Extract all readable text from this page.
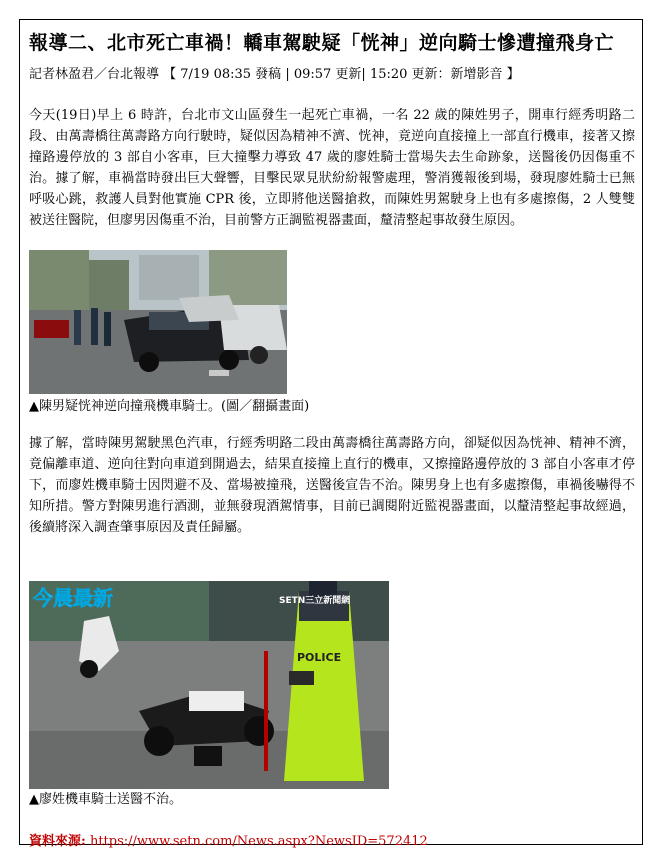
報導二、北市死亡車禍！轎車駕駛疑「恍神」逆向騎士慘遭撞飛身亡
記者林盈君／台北報導 【 7/19 08:35 發稿 | 09:57 更新| 15:20 更新：新增影音 】

今天(19日)早上 6 時許，台北市文山區發生一起死亡車禍，一名 22 歲的陳姓男子，開車行經秀明路二段、由萬壽橋往萬壽路方向行駛時，疑似因為精神不濟、恍神，竟逆向直接撞上一部直行機車，接著又擦撞路邊停放的 3 部自小客車，巨大撞擊力導致 47 歲的廖姓騎士當場失去生命跡象，送醫後仍因傷重不治。據了解，車禍當時發出巨大聲響，目擊民眾見狀紛紛報警處理，警消獲報後到場，發現廖姓騎士已無呼吸心跳，救護人員對他實施 CPR 後，立即將他送醫搶救，而陳姓男駕駛身上也有多處擦傷，2 人雙雙被送往醫院，但廖男因傷重不治，目前警方正調監視器畫面，釐清整起事故發生原因。

▲陳男疑恍神逆向撞飛機車騎士。(圖／翻攝畫面)

據了解，當時陳男駕駛黑色汽車，行經秀明路二段由萬壽橋往萬壽路方向，卻疑似因為恍神、精神不濟，竟偏離車道、逆向往對向車道到開過去，結果直接撞上直行的機車，又擦撞路邊停放的 3 部自小客車才停下，而廖姓機車騎士因閃避不及、當場被撞飛，送醫後宣告不治。陳男身上也有多處擦傷，車禍後嚇得不知所措。警方對陳男進行酒測，並無發現酒駕情事，目前已調閱附近監視器畫面，以釐清整起事故經過，後續將深入調查肇事原因及責任歸屬。

POLICE
今晨最新	SETN三立新聞網
▲廖姓機車騎士送醫不治。
資料來源: https://www.setn.com/News.aspx?NewsID=572412
